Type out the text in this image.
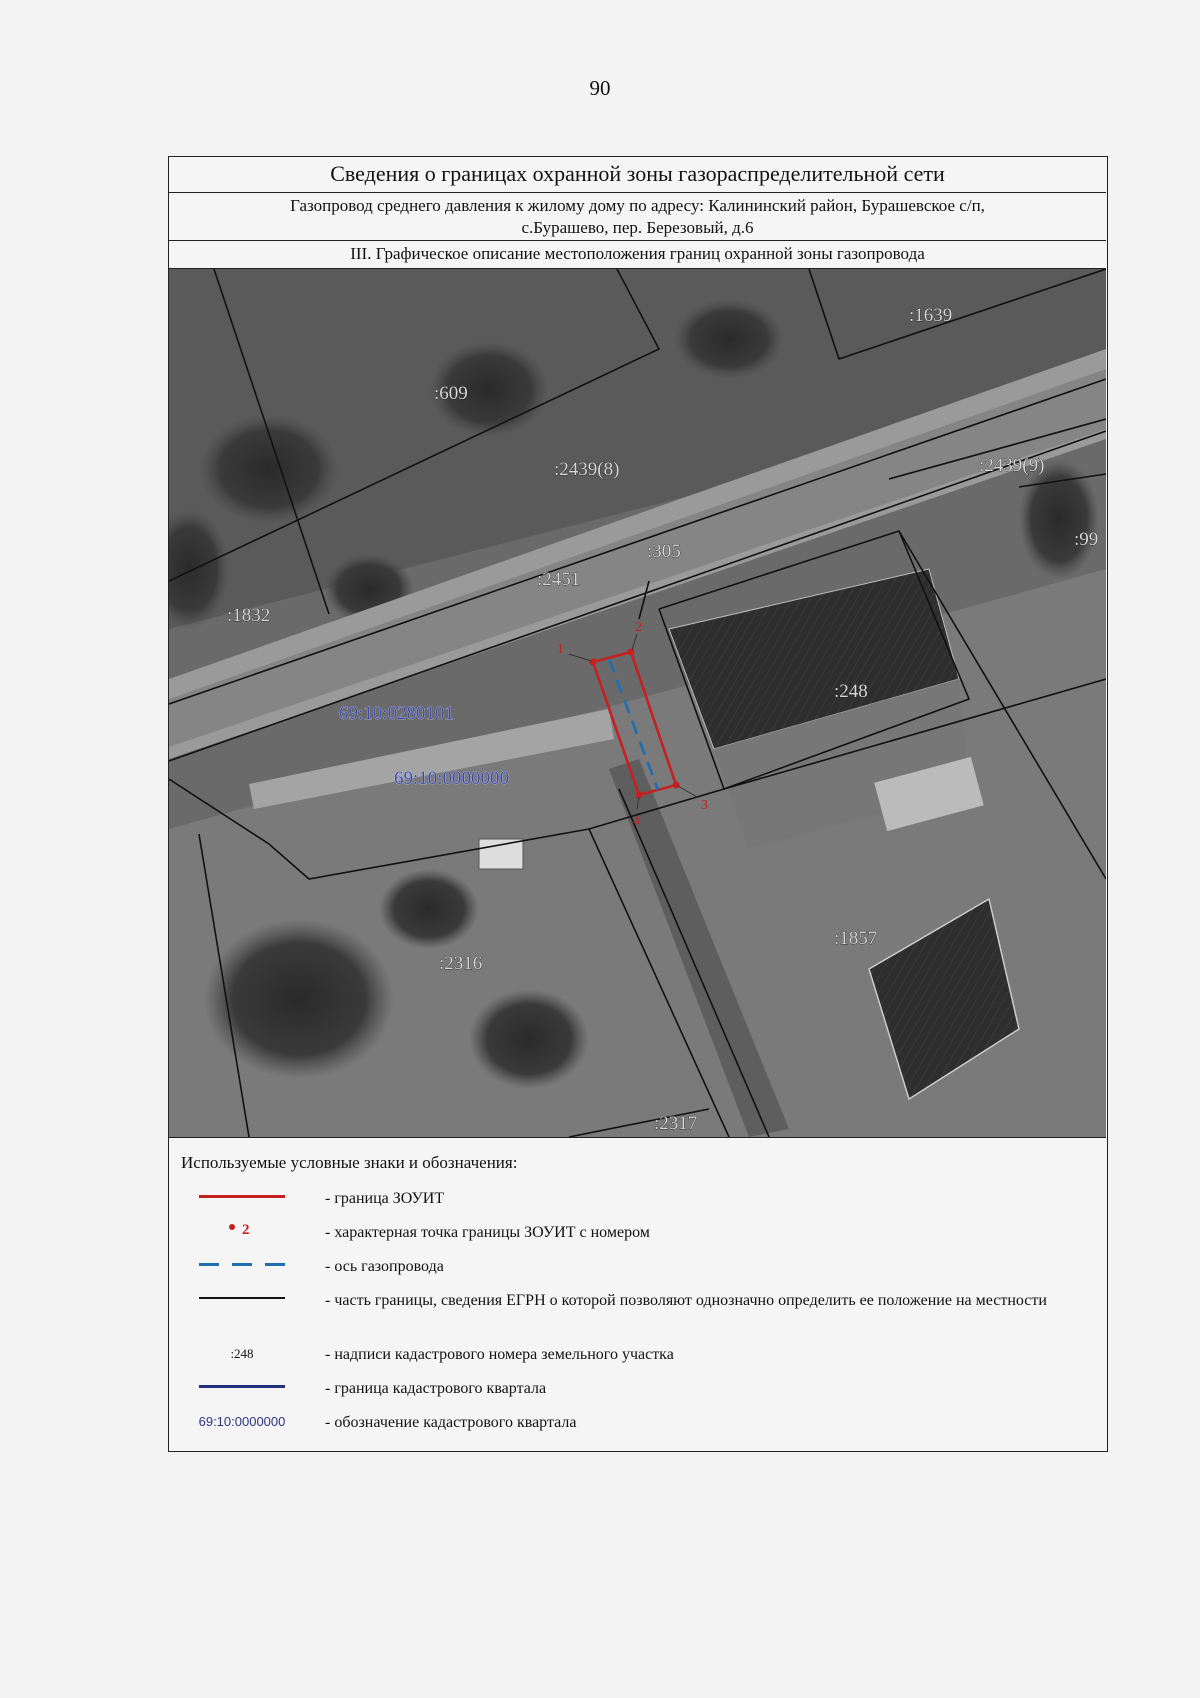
90
Сведения о границах охранной зоны газораспределительной сети
Газопровод среднего давления к жилому дому по адресу: Калининский район, Бурашевское с/п,
с.Бурашево, пер. Березовый, д.6
III. Графическое описание местоположения границ охранной зоны газопровода
1
2
3
4
:1639
:609
:2439(8)	:2439(9)
:99
:305
:2451
:1832
:248
:1857
:2316
:2317
69:10:0280101
69:10:0000000
Используемые условные знаки и обозначения:
- граница ЗОУИТ
2	- характерная точка границы ЗОУИТ с номером
- ось газопровода
- часть границы, сведения ЕГРН о которой позволяют однозначно определить ее положение на местности
:248	- надписи кадастрового номера земельного участка
- граница кадастрового квартала
69:10:0000000	- обозначение кадастрового квартала
